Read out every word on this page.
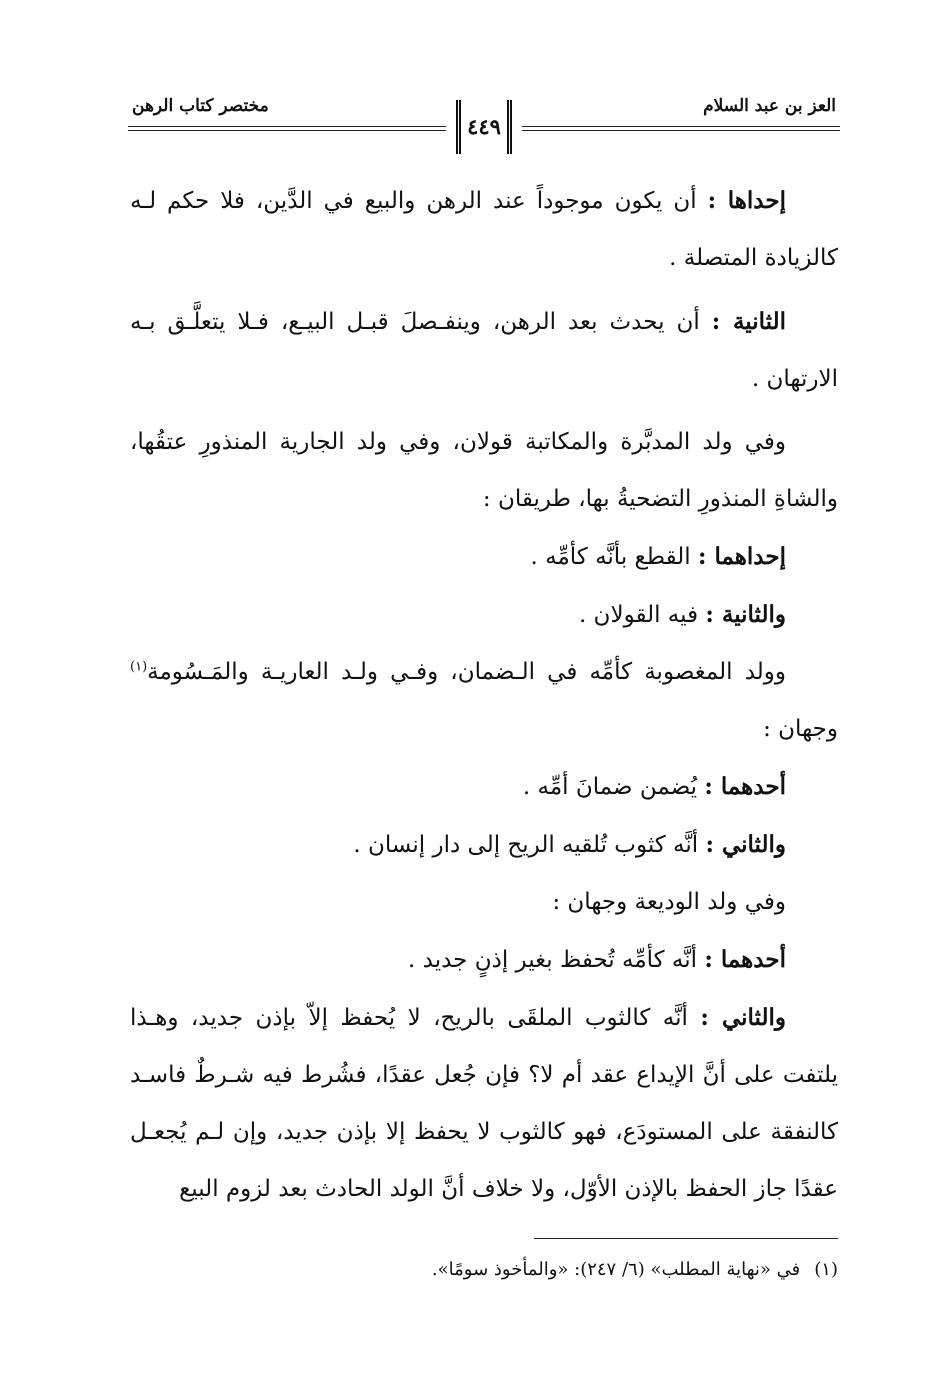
العز بن عبد السلام
مختصر كتاب الرهن
٤٤٩

إحداها : أن يكون موجوداً عند الرهن والبيع في الدَّين، فلا حكم لـه كالزيادة المتصلة .

الثانية : أن يحدث بعد الرهن، وينفـصلَ قبـل البيـع، فـلا يتعلَّـق بـه الارتهان .

وفي ولد المدبَّرة والمكاتبة قولان، وفي ولد الجارية المنذورِ عتقُها، والشاةِ المنذورِ التضحيةُ بها، طريقان :

إحداهما : القطع بأنَّه كأمِّه .

والثانية : فيه القولان .

وولد المغصوبة كأمِّه في الـضمان، وفـي ولـد العاريـة والمَـسُومة$^{(١)}$ وجهان :

أحدهما : يُضمن ضمانَ أمِّه .

والثاني : أنَّه كثوب تُلقيه الريح إلى دار إنسان .

وفي ولد الوديعة وجهان :

أحدهما : أنَّه كأمِّه تُحفظ بغير إذنٍ جديد .

والثاني : أنَّه كالثوب الملقَى بالريح، لا يُحفظ إلاّ بإذن جديد، وهـذا يلتفت على أنَّ الإيداع عقد أم لا؟ فإن جُعل عقدًا، فشُرط فيه شـرطٌ فاسـد كالنفقة على المستودَع، فهو كالثوب لا يحفظ إلا بإذن جديد، وإن لـم يُجعـل عقدًا جاز الحفظ بالإذن الأوّل، ولا خلاف أنَّ الولد الحادث بعد لزوم البيع

(١)في «نهاية المطلب» (٦/ ٢٤٧): «والمأخوذ سومًا».
